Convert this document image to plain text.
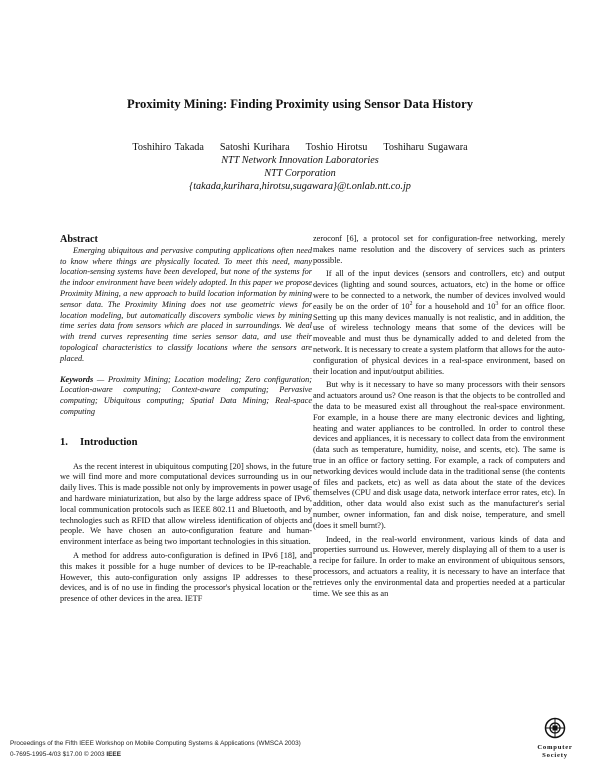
Proximity Mining: Finding Proximity using Sensor Data History
Toshihiro Takada Satoshi Kurihara Toshio Hirotsu Toshiharu Sugawara
NTT Network Innovation Laboratories
NTT Corporation
{takada,kurihara,hirotsu,sugawara}@t.onlab.ntt.co.jp

Abstract

Emerging ubiquitous and pervasive computing applications often need to know where things are physically located. To meet this need, many location-sensing systems have been developed, but none of the systems for the indoor environment have been widely adopted. In this paper we propose Proximity Mining, a new approach to build location information by mining sensor data. The Proximity Mining does not use geometric views for location modeling, but automatically discovers symbolic views by mining time series data from sensors which are placed in surroundings. We deal with trend curves representing time series sensor data, and use their topological characteristics to classify locations where the sensors are placed.

Keywords — Proximity Mining; Location modeling; Zero configuration; Location-aware computing; Context-aware computing; Pervasive computing; Ubiquitous computing; Spatial Data Mining; Real-space computing

1. Introduction

As the recent interest in ubiquitous computing [20] shows, in the future we will find more and more computational devices surrounding us in our daily lives. This is made possible not only by improvements in power usage and hardware miniaturization, but also by the large address space of IPv6, local communication protocols such as IEEE 802.11 and Bluetooth, and by technologies such as RFID that allow wireless identification of objects and people. We have chosen an auto-configuration feature and human-environment interface as being two important technologies in this situation.

A method for address auto-configuration is defined in IPv6 [18], and this makes it possible for a huge number of devices to be IP-reachable. However, this auto-configuration only assigns IP addresses to these devices, and is of no use in finding the processor's physical location or the presence of other devices in the area. IETF

zeroconf [6], a protocol set for configuration-free networking, merely makes name resolution and the discovery of services such as printers possible.

If all of the input devices (sensors and controllers, etc) and output devices (lighting and sound sources, actuators, etc) in the home or office were to be connected to a network, the number of devices involved would easily be on the order of $10^2$ for a household and $10^3$ for an office floor. Setting up this many devices manually is not realistic, and in addition, the use of wireless technology means that some of the devices will be moveable and must thus be dynamically added to and deleted from the network. It is necessary to create a system platform that allows for the auto-configuration of physical devices in a real-space environment, based on their location and input/output abilities.

But why is it necessary to have so many processors with their sensors and actuators around us? One reason is that the objects to be controlled and the data to be measured exist all throughout the real-space environment. For example, in a house there are many electronic devices and lighting, heating and water appliances to be controlled. In order to control these devices and appliances, it is necessary to collect data from the environment (data such as temperature, humidity, noise, and scents, etc). The same is true in an office or factory setting. For example, a rack of computers and networking devices would include data in the traditional sense (the contents of files and packets, etc) as well as data about the state of the devices themselves (CPU and disk usage data, network interface error rates, etc). In addition, other data would also exist such as the manufacturer's serial number, owner information, fan and disk noise, temperature, and smell (does it smell burnt?).

Indeed, in the real-world environment, various kinds of data and properties surround us. However, merely displaying all of them to a user is a recipe for failure. In order to make an environment of ubiquitous sensors, processors, and actuators a reality, it is necessary to have an interface that retrieves only the environmental data and properties needed at a particular time. We see this as an

Proceedings of the Fifth IEEE Workshop on Mobile Computing Systems & Applications (WMSCA 2003)
0-7695-1995-4/03 $17.00 © 2003 IEEE
Computer
Society
